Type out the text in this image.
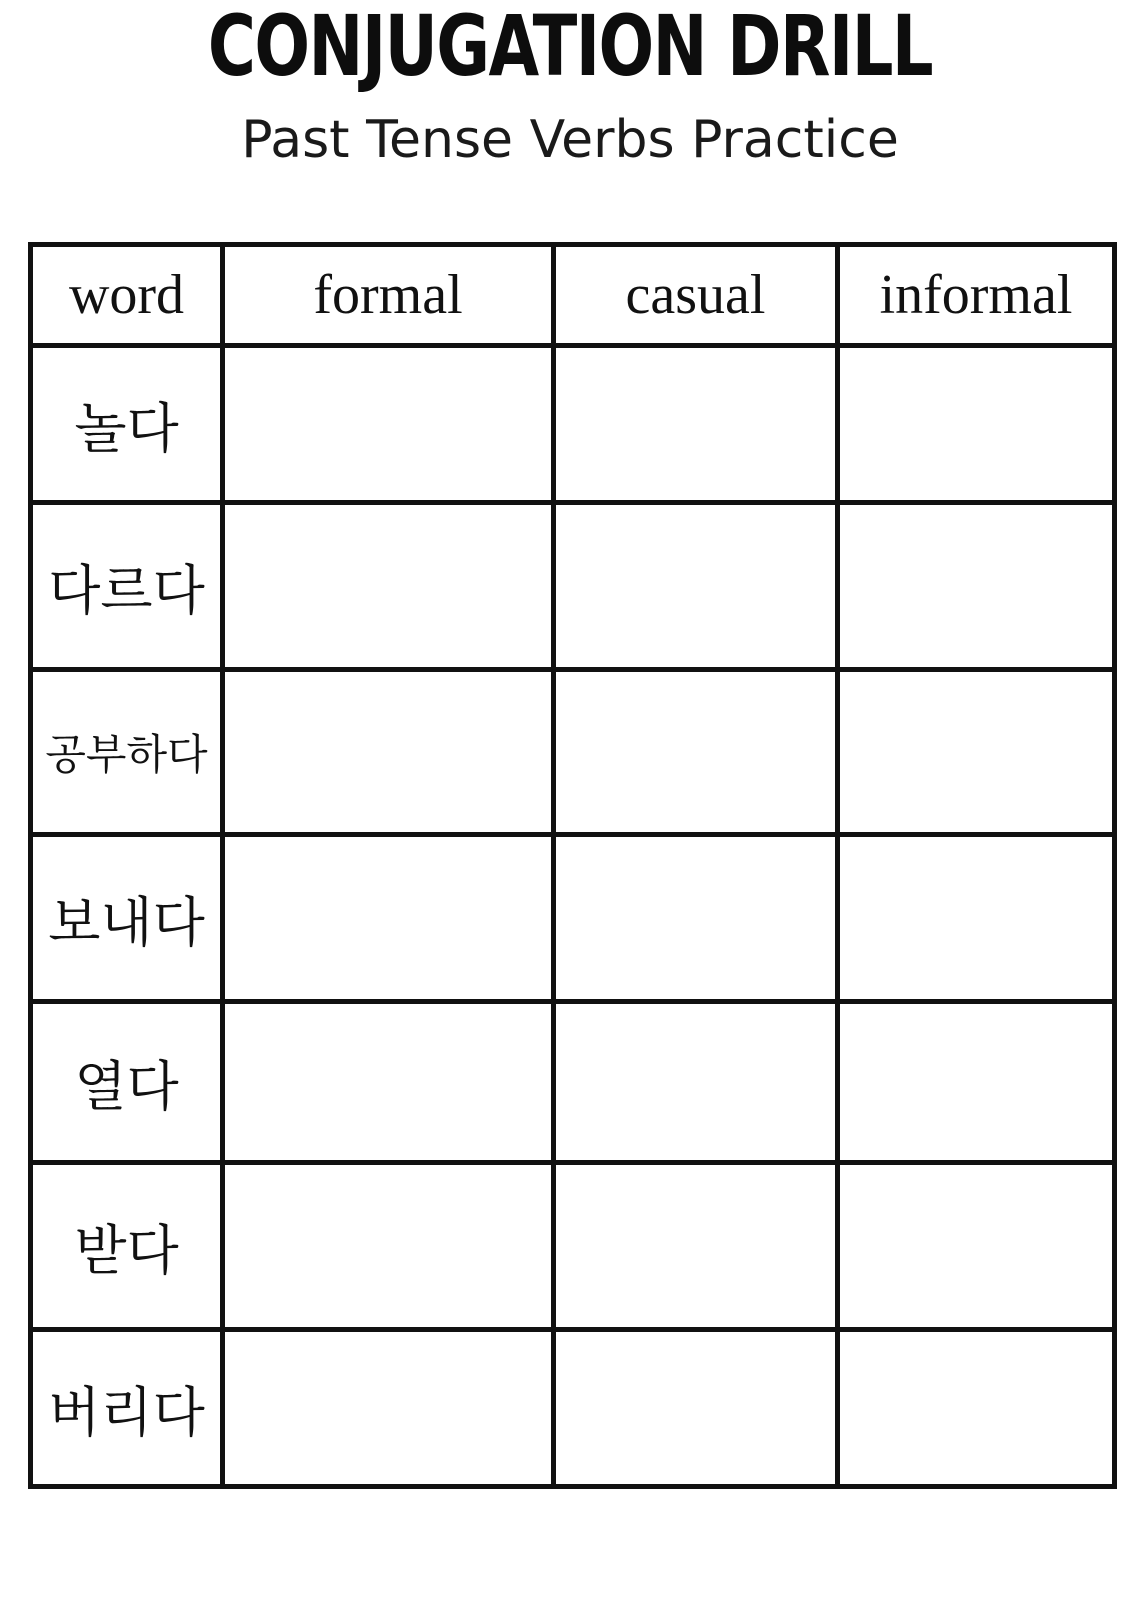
CONJUGATION DRILL
Past Tense Verbs Practice
word	formal	casual	informal
놀다			
다르다			
공부하다			
보내다			
열다			
받다			
버리다			
